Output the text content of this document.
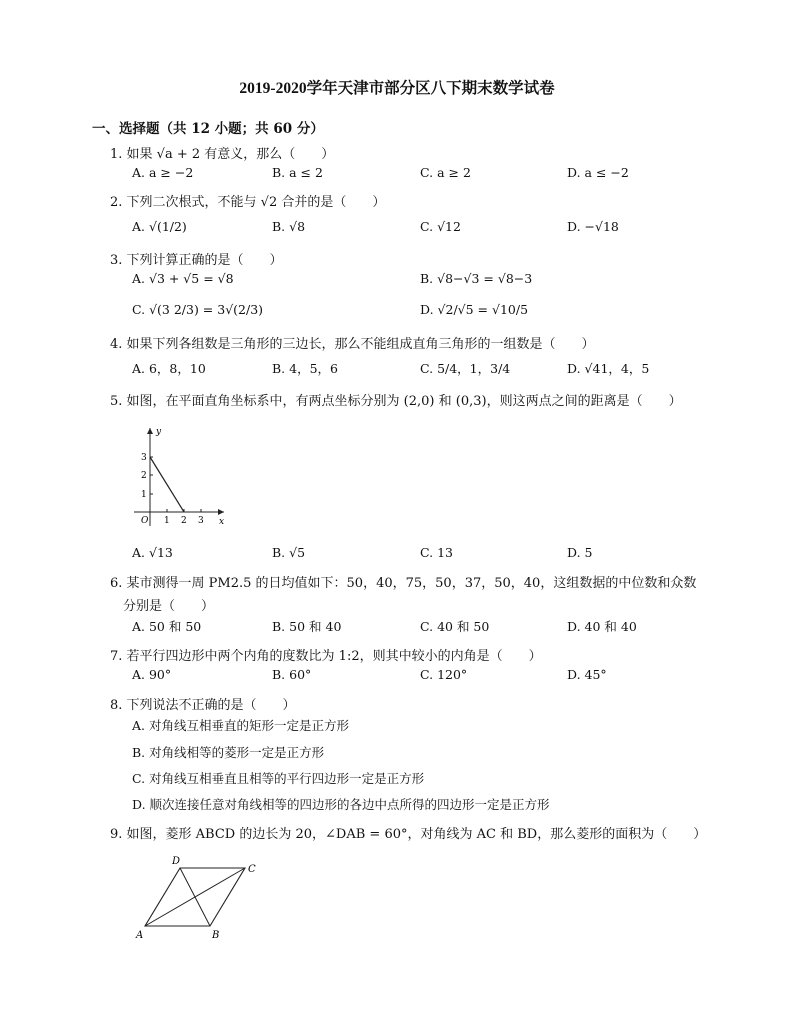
2019-2020学年天津市部分区八下期末数学试卷
一、选择题（共 12 小题；共 60 分）
1. 如果 √a + 2 有意义，那么（　　）
A. a ≥ −2	B. a ≤ 2	C. a ≥ 2	D. a ≤ −2
2. 下列二次根式，不能与 √2 合并的是（　　）
A. √(1/2)	B. √8	C. √12	D. −√18
3. 下列计算正确的是（　　）
A. √3 + √5 = √8	B. √8−√3 = √8−3
C. √(3 2/3) = 3√(2/3)	D. √2/√5 = √10/5
4. 如果下列各组数是三角形的三边长，那么不能组成直角三角形的一组数是（　　）
A. 6，8，10	B. 4，5，6	C. 5/4，1，3/4	D. √41，4，5
5. 如图，在平面直角坐标系中，有两点坐标分别为 (2,0) 和 (0,3)，则这两点之间的距离是（　　）
y
x
O 1 2 3
1
2
3
A. √13	B. √5	C. 13	D. 5
6. 某市测得一周 PM2.5 的日均值如下：50，40，75，50，37，50，40，这组数据的中位数和众数
分别是（　　）
A. 50 和 50	B. 50 和 40	C. 40 和 50	D. 40 和 40
7. 若平行四边形中两个内角的度数比为 1:2，则其中较小的内角是（　　）
A. 90°	B. 60°	C. 120°	D. 45°
8. 下列说法不正确的是（　　）
A. 对角线互相垂直的矩形一定是正方形
B. 对角线相等的菱形一定是正方形
C. 对角线互相垂直且相等的平行四边形一定是正方形
D. 顺次连接任意对角线相等的四边形的各边中点所得的四边形一定是正方形
9. 如图，菱形 ABCD 的边长为 20，∠DAB = 60°，对角线为 AC 和 BD，那么菱形的面积为（　　）
A	B
C
D
